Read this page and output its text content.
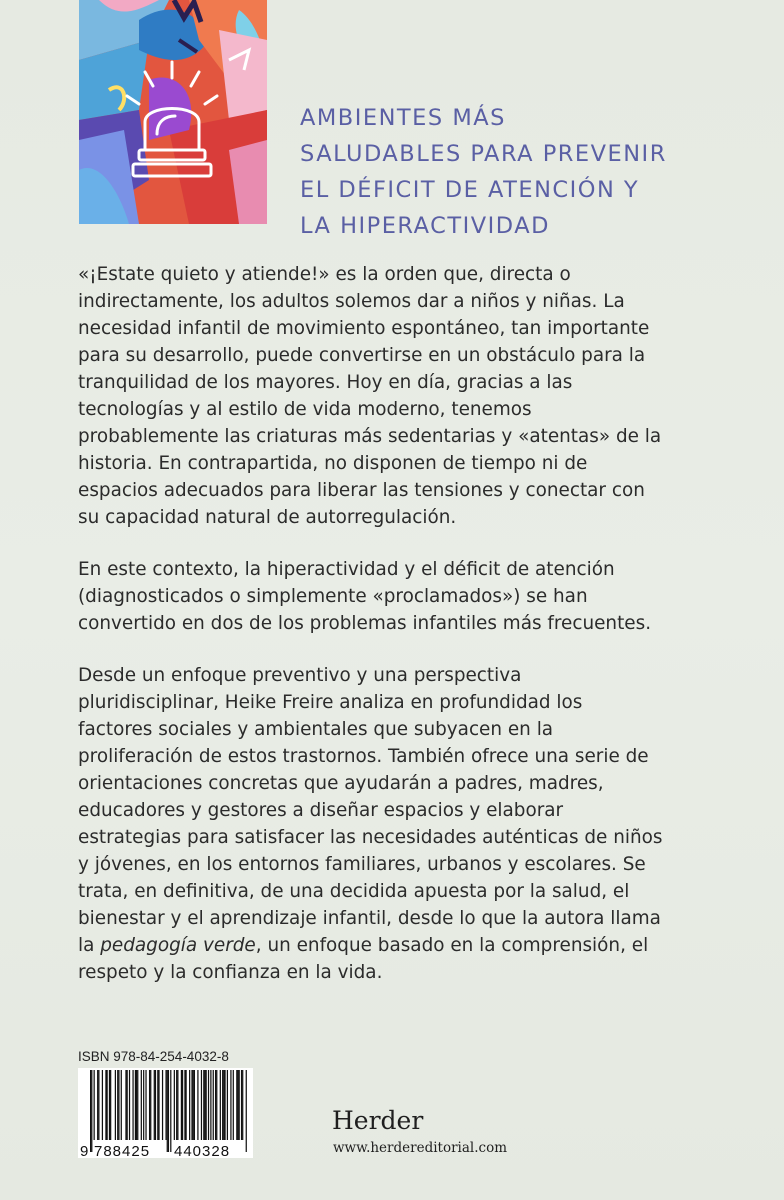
AMBIENTES MÁS
SALUDABLES PARA PREVENIR
EL DÉFICIT DE ATENCIÓN Y
LA HIPERACTIVIDAD

«¡Estate quieto y atiende!» es la orden que, directa o
indirectamente, los adultos solemos dar a niños y niñas. La
necesidad infantil de movimiento espontáneo, tan importante
para su desarrollo, puede convertirse en un obstáculo para la
tranquilidad de los mayores. Hoy en día, gracias a las
tecnologías y al estilo de vida moderno, tenemos
probablemente las criaturas más sedentarias y «atentas» de la
historia. En contrapartida, no disponen de tiempo ni de
espacios adecuados para liberar las tensiones y conectar con
su capacidad natural de autorregulación.

En este contexto, la hiperactividad y el déficit de atención
(diagnosticados o simplemente «proclamados») se han
convertido en dos de los problemas infantiles más frecuentes.

Desde un enfoque preventivo y una perspectiva
pluridisciplinar, Heike Freire analiza en profundidad los
factores sociales y ambientales que subyacen en la
proliferación de estos trastornos. También ofrece una serie de
orientaciones concretas que ayudarán a padres, madres,
educadores y gestores a diseñar espacios y elaborar
estrategias para satisfacer las necesidades auténticas de niños
y jóvenes, en los entornos familiares, urbanos y escolares. Se
trata, en definitiva, de una decidida apuesta por la salud, el
bienestar y el aprendizaje infantil, desde lo que la autora llama
la pedagogía verde, un enfoque basado en la comprensión, el
respeto y la confianza en la vida.

ISBN 978-84-254-4032-8
9 788425 440328
Herder
www.herdereditorial.com
